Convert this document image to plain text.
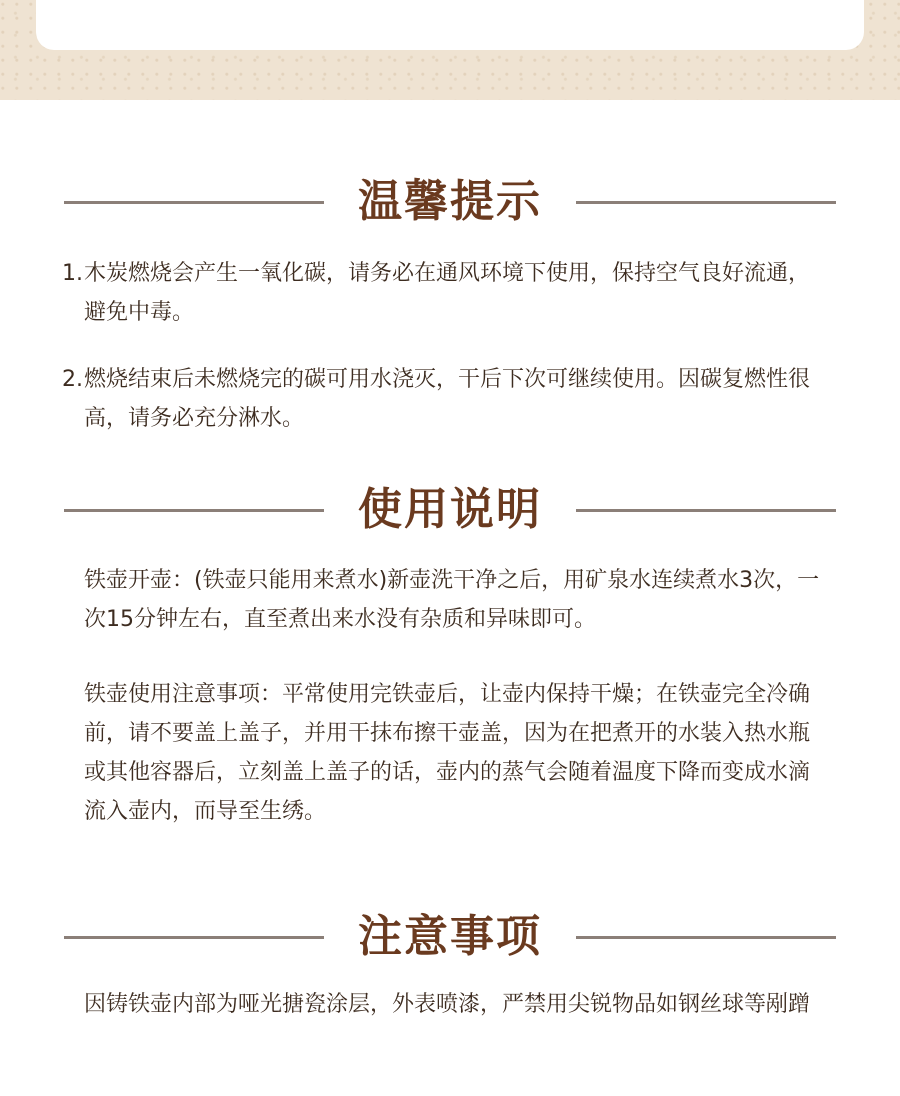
温馨提示
1. 木炭燃烧会产生一氧化碳，请务必在通风环境下使用，保持空气良好流通，避免中毒。
2. 燃烧结束后未燃烧完的碳可用水浇灭，干后下次可继续使用。因碳复燃性很高，请务必充分淋水。
使用说明
铁壶开壶：(铁壶只能用来煮水)新壶洗干净之后，用矿泉水连续煮水3次，一次15分钟左右，直至煮出来水没有杂质和异味即可。
铁壶使用注意事项：平常使用完铁壶后，让壶内保持干燥；在铁壶完全冷确前，请不要盖上盖子，并用干抹布擦干壶盖，因为在把煮开的水装入热水瓶或其他容器后，立刻盖上盖子的话，壶内的蒸气会随着温度下降而变成水滴流入壶内，而导至生绣。
注意事项
因铸铁壶内部为哑光搪瓷涂层，外表喷漆，严禁用尖锐物品如钢丝球等剐蹭
